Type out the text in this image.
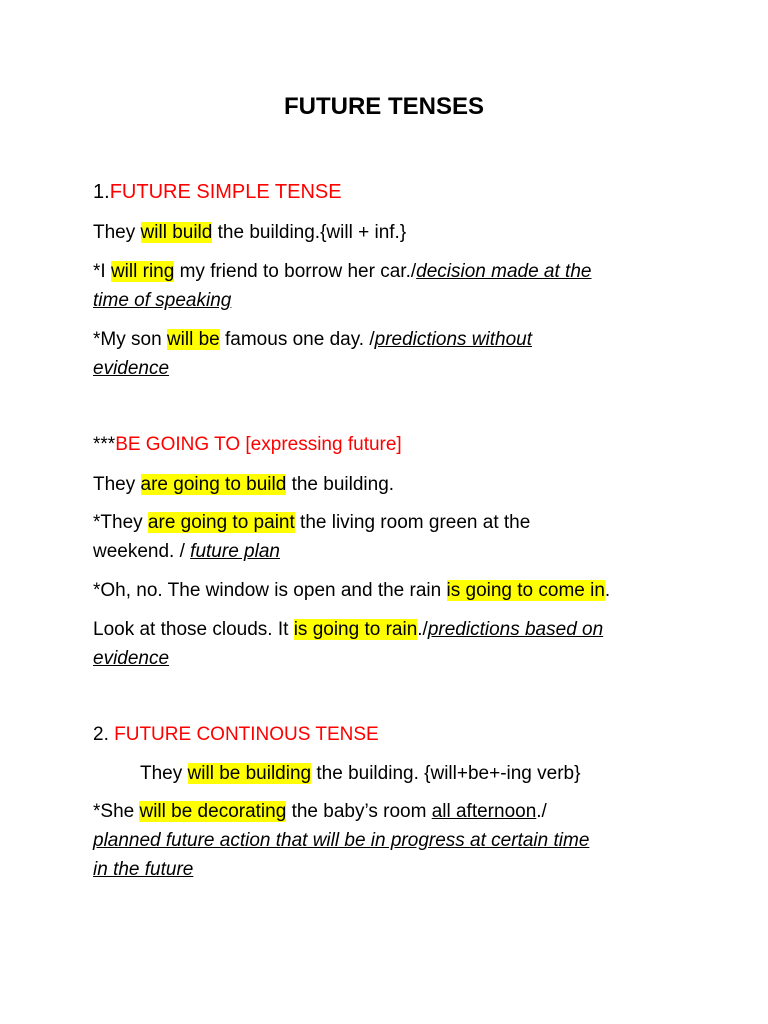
FUTURE TENSES
1.FUTURE SIMPLE TENSE
They will build the building.{will + inf.}
*I will ring my friend to borrow her car./decision made at the
time of speaking
*My son will be famous one day. /predictions without
evidence
***BE GOING TO [expressing future]
They are going to build the building.
*They are going to paint the living room green at the
weekend. / future plan
*Oh, no. The window is open and the rain is going to come in.
Look at those clouds. It is going to rain./predictions based on
evidence
2. FUTURE CONTINOUS TENSE
They will be building the building. {will+be+-ing verb}
*She will be decorating the baby’s room all afternoon./
planned future action that will be in progress at certain time
in the future
